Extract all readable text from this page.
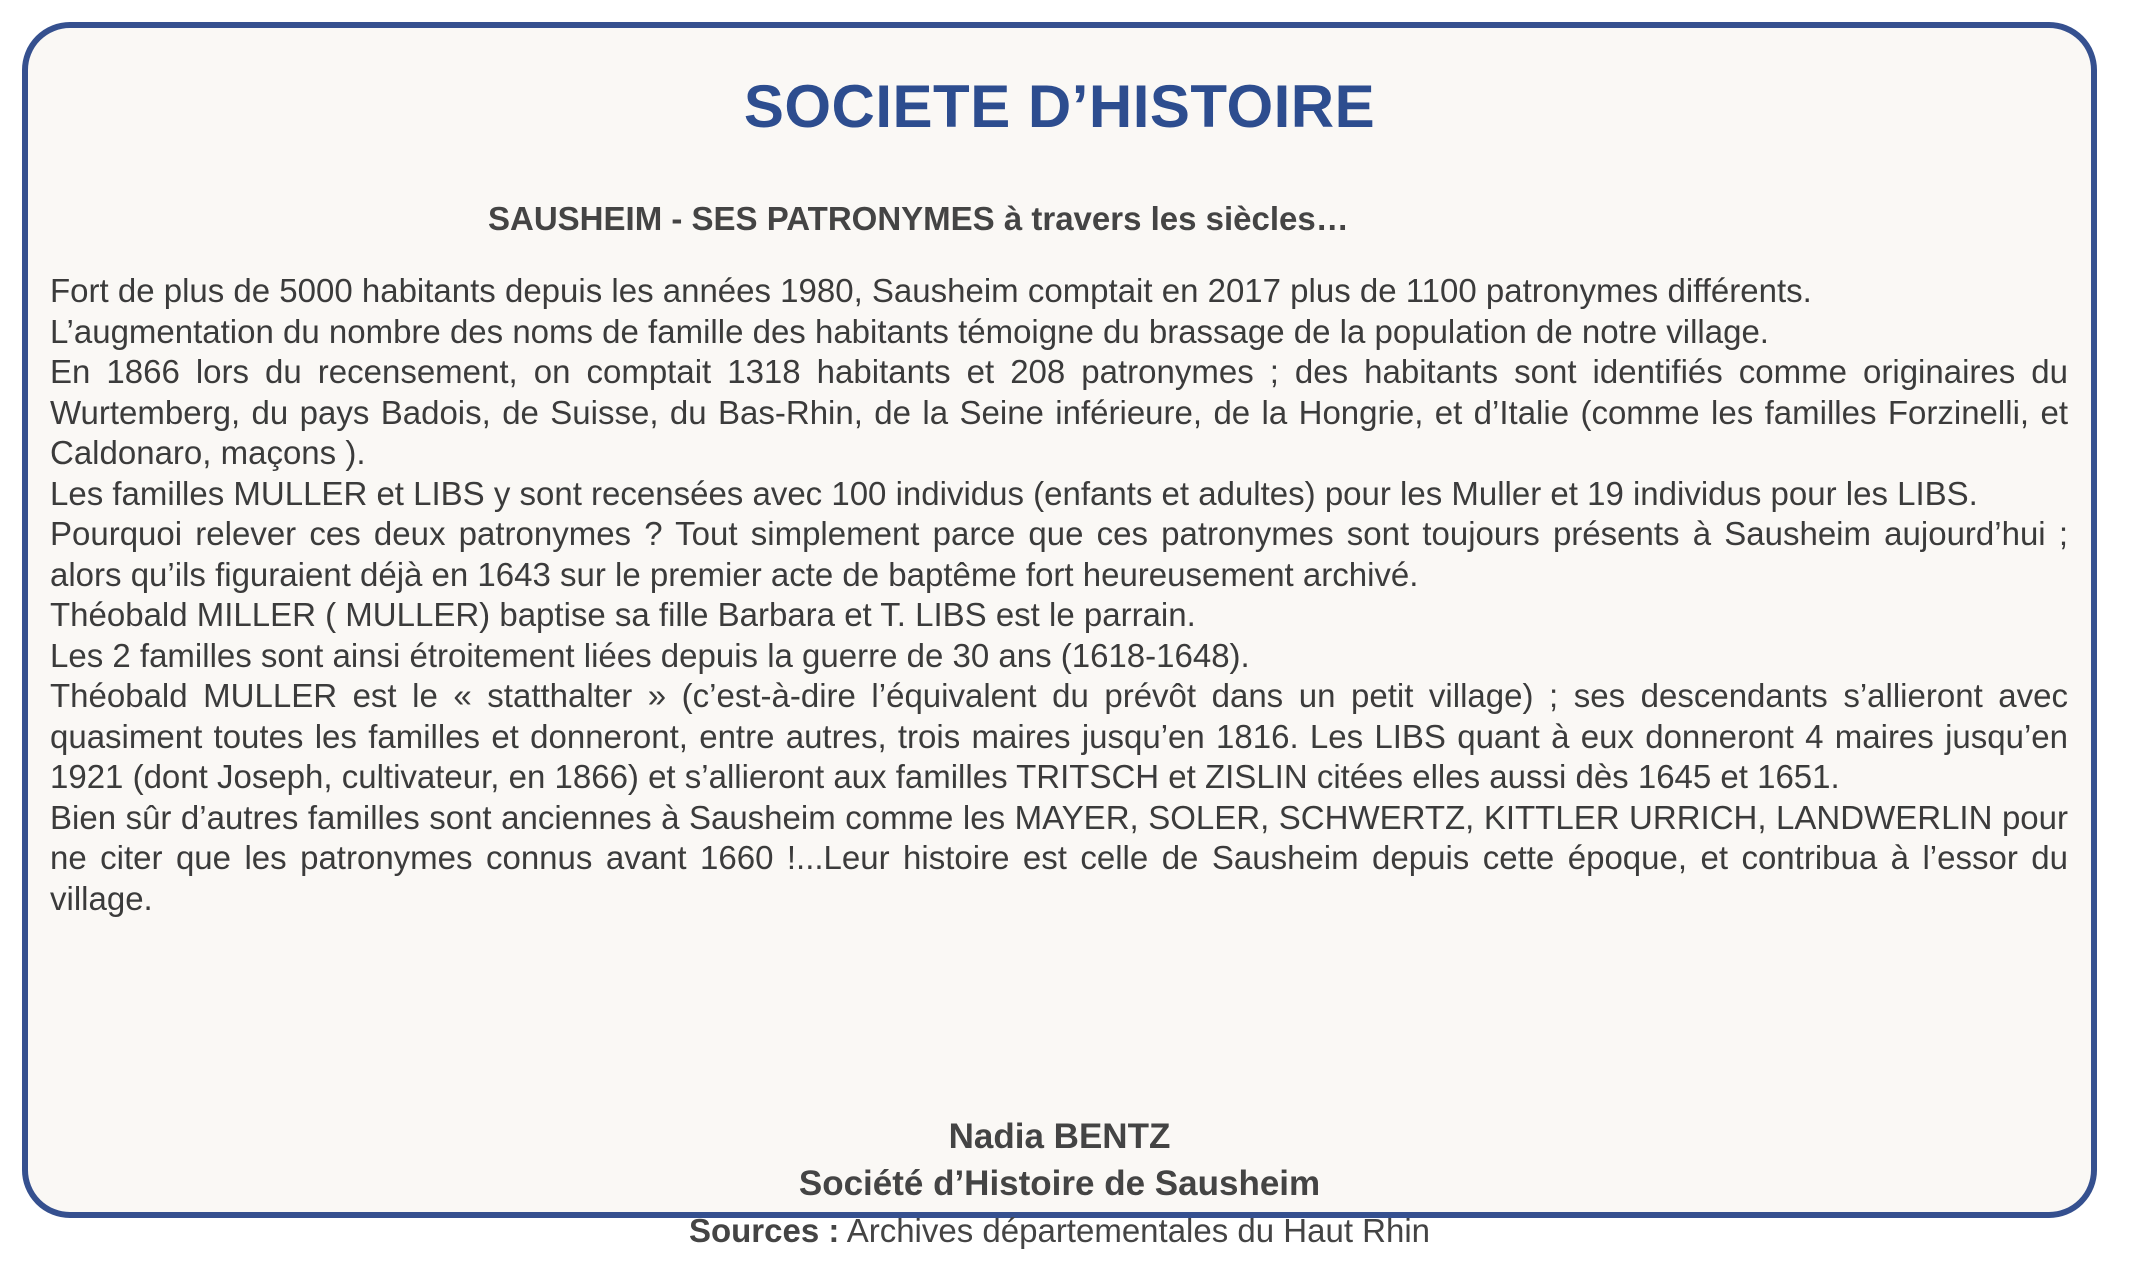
SOCIETE D’HISTOIRE
SAUSHEIM - SES PATRONYMES à travers les siècles…

Fort de plus de 5000 habitants depuis les années 1980, Sausheim comptait en 2017 plus de 1100 patronymes différents.

L’augmentation du nombre des noms de famille des habitants témoigne du brassage de la population de notre village.

En 1866 lors du recensement, on comptait 1318 habitants et 208 patronymes ; des habitants sont identifiés comme originaires du Wurtemberg, du pays Badois, de Suisse, du Bas-Rhin, de la Seine inférieure, de la Hongrie, et d’Italie (comme les familles Forzinelli, et Caldonaro, maçons ).

Les familles MULLER et LIBS y sont recensées avec 100 individus (enfants et adultes) pour les Muller et 19 individus pour les LIBS.

Pourquoi relever ces deux patronymes ? Tout simplement parce que ces patronymes sont toujours présents à Sausheim aujourd’hui ; alors qu’ils figuraient déjà en 1643 sur le premier acte de baptême fort heureusement archivé.

Théobald MILLER ( MULLER) baptise sa fille Barbara et T. LIBS est le parrain.

Les 2 familles sont ainsi étroitement liées depuis la guerre de 30 ans (1618-1648).

Théobald MULLER est le « statthalter » (c’est-à-dire l’équivalent du prévôt dans un petit village) ; ses descendants s’allieront avec quasiment toutes les familles et donneront, entre autres, trois maires jusqu’en 1816. Les LIBS quant à eux donneront 4 maires jusqu’en 1921 (dont Joseph, cultivateur, en 1866) et s’allieront aux familles TRITSCH et ZISLIN citées elles aussi dès 1645 et 1651.

Bien sûr d’autres familles sont anciennes à Sausheim comme les MAYER, SOLER, SCHWERTZ, KITTLER URRICH, LANDWERLIN pour ne citer que les patronymes connus avant 1660 !...Leur histoire est celle de Sausheim depuis cette époque, et contribua à l’essor du village.

Nadia BENTZ

Société d’Histoire de Sausheim

Sources : Archives départementales du Haut Rhin
